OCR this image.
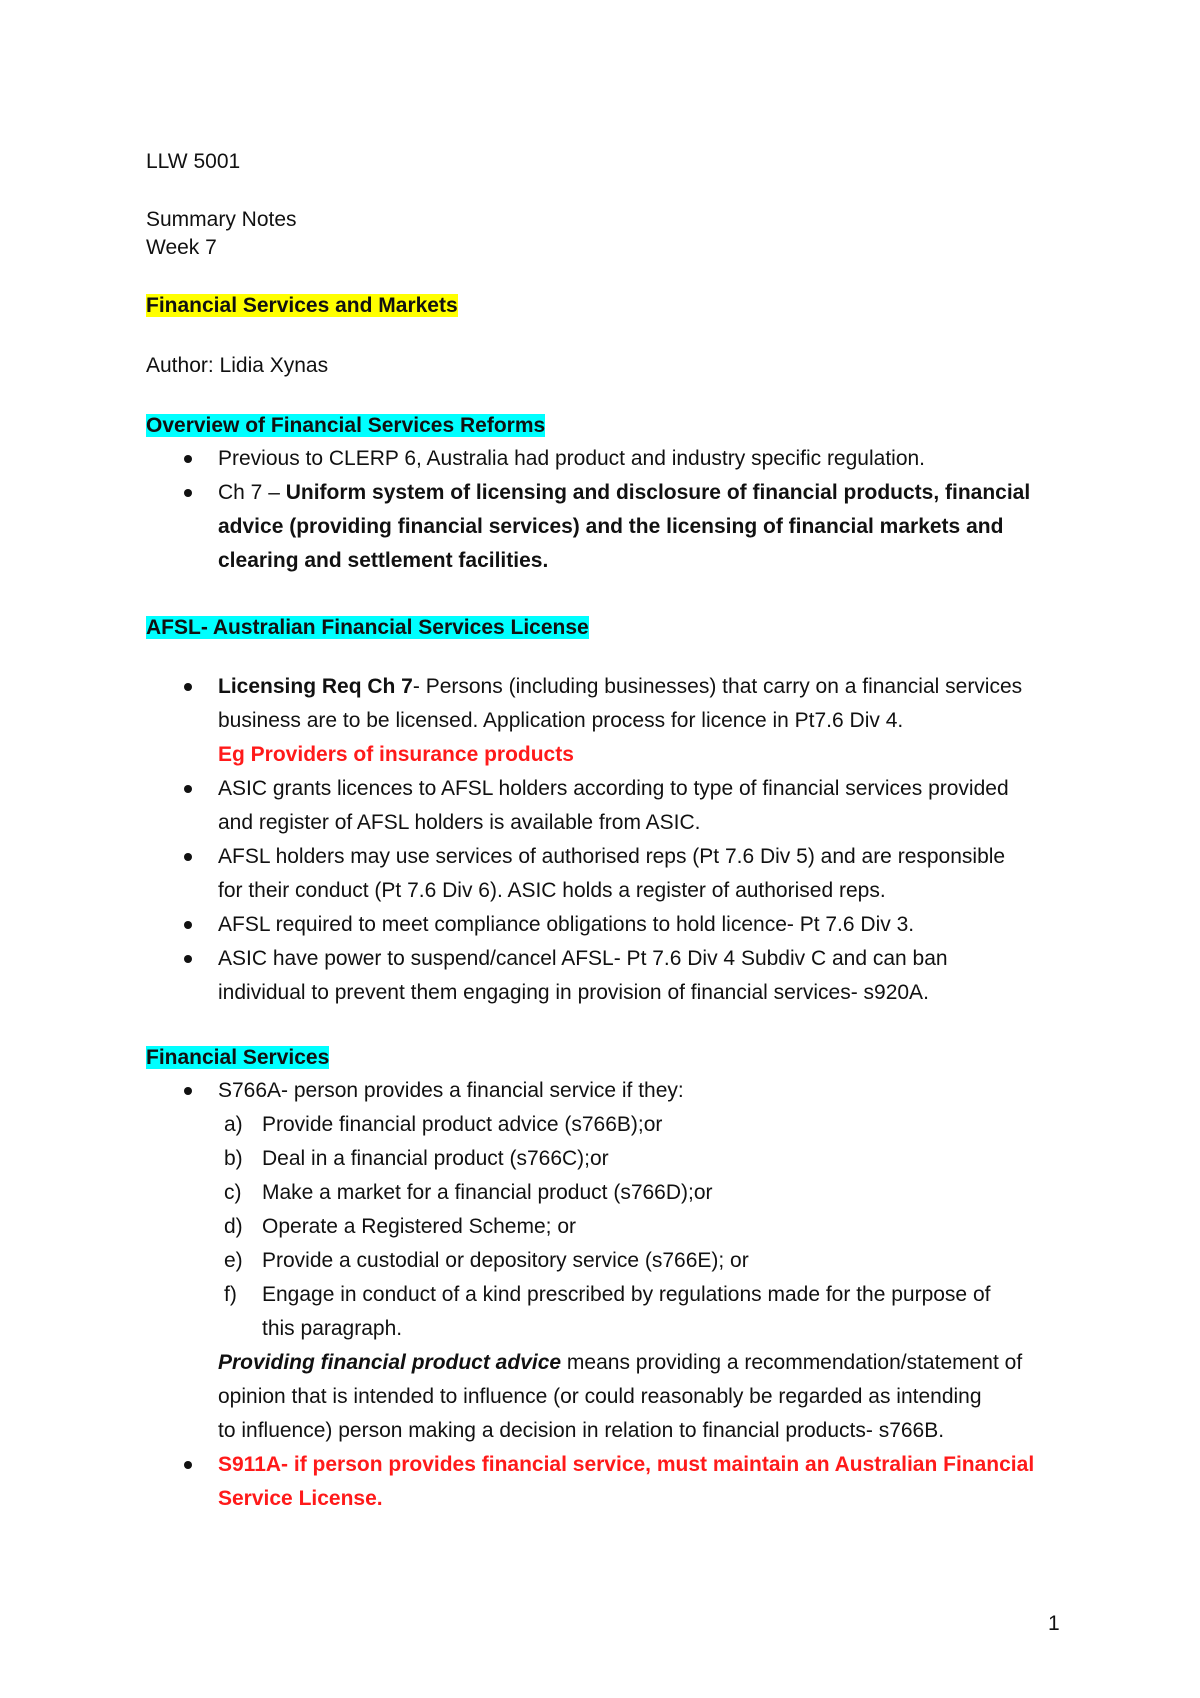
LLW 5001
Summary Notes
Week 7
Financial Services and Markets
Author: Lidia Xynas
Overview of Financial Services Reforms
Previous to CLERP 6, Australia had product and industry specific regulation.
Ch 7 – Uniform system of licensing and disclosure of financial products, financial
advice (providing financial services) and the licensing of financial markets and
clearing and settlement facilities.
AFSL- Australian Financial Services License
Licensing Req Ch 7- Persons (including businesses) that carry on a financial services
business are to be licensed. Application process for licence in Pt7.6 Div 4.
Eg Providers of insurance products
ASIC grants licences to AFSL holders according to type of financial services provided
and register of AFSL holders is available from ASIC.
AFSL holders may use services of authorised reps (Pt 7.6 Div 5) and are responsible
for their conduct (Pt 7.6 Div 6). ASIC holds a register of authorised reps.
AFSL required to meet compliance obligations to hold licence- Pt 7.6 Div 3.
ASIC have power to suspend/cancel AFSL- Pt 7.6 Div 4 Subdiv C and can ban
individual to prevent them engaging in provision of financial services- s920A.
Financial Services
S766A- person provides a financial service if they:
a) Provide financial product advice (s766B);or
b) Deal in a financial product (s766C);or
c) Make a market for a financial product (s766D);or
d) Operate a Registered Scheme; or
e) Provide a custodial or depository service (s766E); or
f) Engage in conduct of a kind prescribed by regulations made for the purpose of
this paragraph.
Providing financial product advice means providing a recommendation/statement of
opinion that is intended to influence (or could reasonably be regarded as intending
to influence) person making a decision in relation to financial products- s766B.
S911A- if person provides financial service, must maintain an Australian Financial
Service License.
1
